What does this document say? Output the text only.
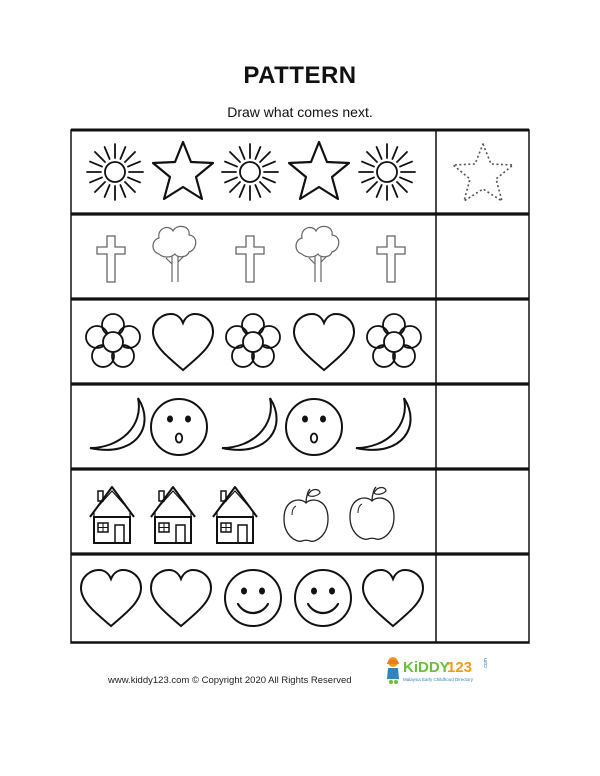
PATTERN
Draw what comes next.
www.kiddy123.com © Copyright 2020 All Rights Reserved
KiDDY
123 .com
Malaysia Early Childhood Directory
